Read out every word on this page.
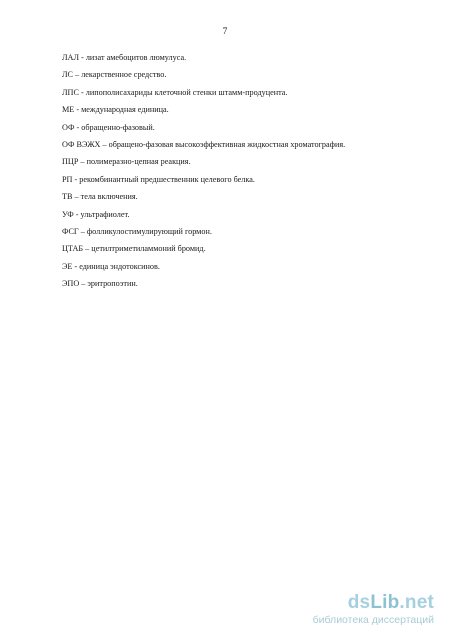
7
ЛАЛ - лизат амебоцитов люмулуса.
ЛС – лекарственное средство.
ЛПС - липополисахариды клеточной стенки штамм-продуцента.
МЕ - международная единица.
ОФ - обращенно-фазовый.
ОФ ВЭЖХ – обращено-фазовая высокоэффективная жидкостная хроматография.
ПЦР – полимеразно-цепная реакция.
РП - рекомбинантный предшественник целевого белка.
ТВ – тела включения.
УФ - ультрафиолет.
ФСГ – фолликулостимулирующий гормон.
ЦТАБ – цетилтриметиламмоний бромид.
ЭЕ - единица эндотоксинов.
ЭПО – эритропоэтин.
dsLib.net
библиотека диссертаций
